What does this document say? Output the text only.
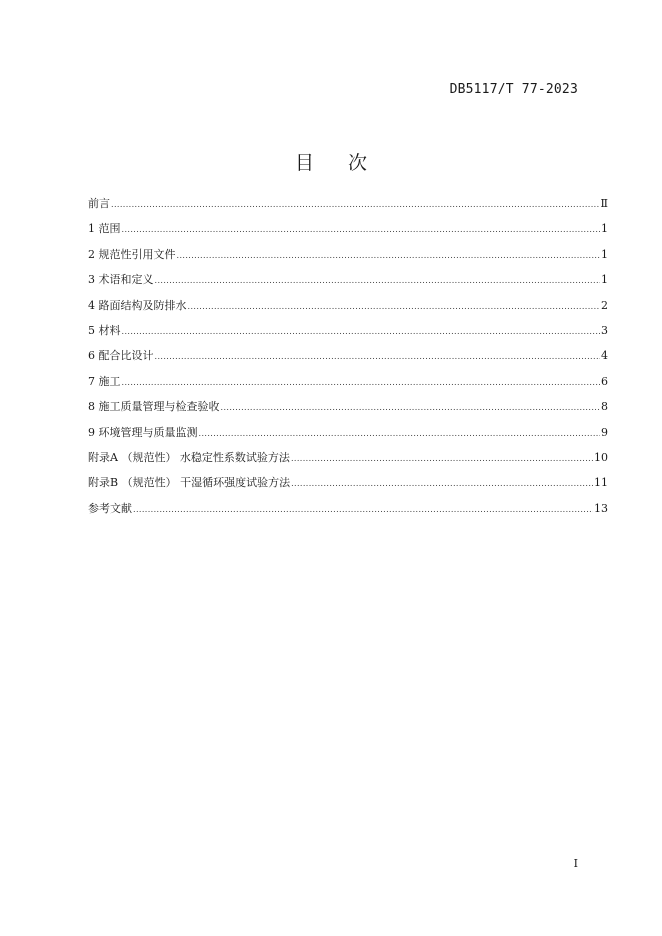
DB5117/T 77-2023
目 次
前言 .....	Ⅱ
1 范围 .....	1
2 规范性引用文件 .....	1
3 术语和定义 .....	1
4 路面结构及防排水 .....	2
5 材料 .....	3
6 配合比设计 .....	4
7 施工 .....	6
8 施工质量管理与检查验收 .....	8
9 环境管理与质量监测 .....	9
附录A （规范性） 水稳定性系数试验方法 .....	10
附录B （规范性） 干湿循环强度试验方法 .....	11
参考文献 .....	13
I
